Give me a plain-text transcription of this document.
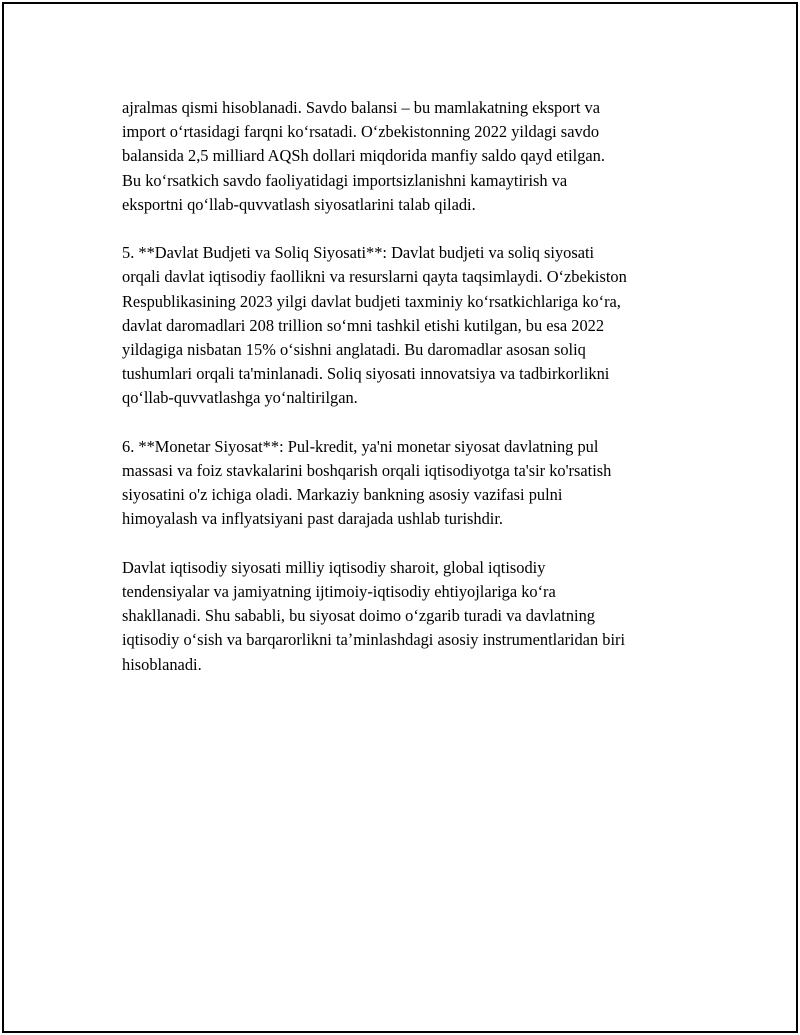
ajralmas qismi hisoblanadi. Savdo balansi – bu mamlakatning eksport va
import oʻrtasidagi farqni koʻrsatadi. Oʻzbekistonning 2022 yildagi savdo
balansida 2,5 milliard AQSh dollari miqdorida manfiy saldo qayd etilgan.
Bu koʻrsatkich savdo faoliyatidagi importsizlanishni kamaytirish va
eksportni qoʻllab-quvvatlash siyosatlarini talab qiladi.

5. **Davlat Budjeti va Soliq Siyosati**: Davlat budjeti va soliq siyosati
orqali davlat iqtisodiy faollikni va resurslarni qayta taqsimlaydi. Oʻzbekiston
Respublikasining 2023 yilgi davlat budjeti taxminiy koʻrsatkichlariga koʻra,
davlat daromadlari 208 trillion soʻmni tashkil etishi kutilgan, bu esa 2022
yildagiga nisbatan 15% oʻsishni anglatadi. Bu daromadlar asosan soliq
tushumlari orqali ta'minlanadi. Soliq siyosati innovatsiya va tadbirkorlikni
qoʻllab-quvvatlashga yoʻnaltirilgan.

6. **Monetar Siyosat**: Pul-kredit, ya'ni monetar siyosat davlatning pul
massasi va foiz stavkalarini boshqarish orqali iqtisodiyotga ta'sir ko'rsatish
siyosatini o'z ichiga oladi. Markaziy bankning asosiy vazifasi pulni
himoyalash va inflyatsiyani past darajada ushlab turishdir.

Davlat iqtisodiy siyosati milliy iqtisodiy sharoit, global iqtisodiy
tendensiyalar va jamiyatning ijtimoiy-iqtisodiy ehtiyojlariga koʻra
shakllanadi. Shu sababli, bu siyosat doimo oʻzgarib turadi va davlatning
iqtisodiy oʻsish va barqarorlikni taʼminlashdagi asosiy instrumentlaridan biri
hisoblanadi.
